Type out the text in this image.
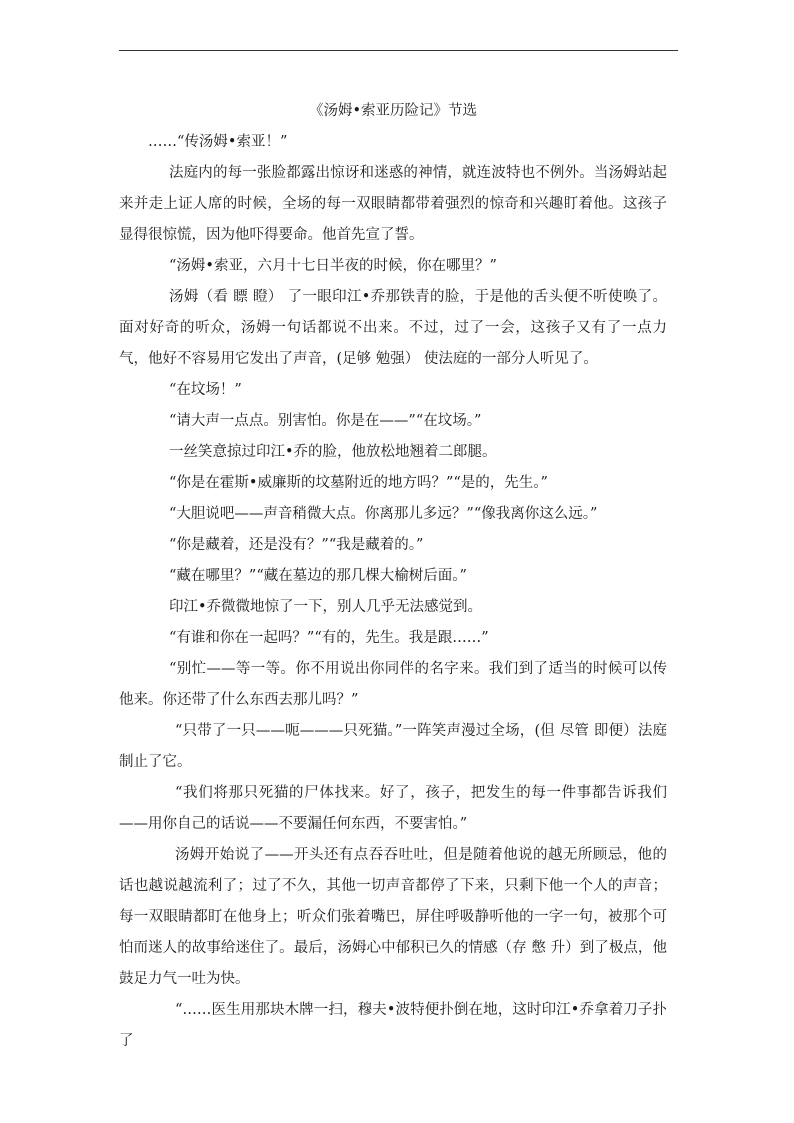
《汤姆•索亚历险记》节选

……“传汤姆•索亚！”

法庭内的每一张脸都露出惊讶和迷惑的神情，就连波特也不例外。当汤姆站起来并走上证人席的时候，全场的每一双眼睛都带着强烈的惊奇和兴趣盯着他。这孩子显得很惊慌，因为他吓得要命。他首先宣了誓。

“汤姆•索亚，六月十七日半夜的时候，你在哪里？”

汤姆（看 瞟 瞪） 了一眼印江•乔那铁青的脸，于是他的舌头便不听使唤了。面对好奇的听众，汤姆一句话都说不出来。不过，过了一会，这孩子又有了一点力气，他好不容易用它发出了声音，(足够 勉强） 使法庭的一部分人听见了。

“在坟场！”

“请大声一点点。别害怕。你是在——”“在坟场。”

一丝笑意掠过印江•乔的脸，他放松地翘着二郎腿。

“你是在霍斯•威廉斯的坟墓附近的地方吗？”“是的，先生。”

“大胆说吧——声音稍微大点。你离那儿多远？”“像我离你这么远。”

“你是藏着，还是没有？”“我是藏着的。”

“藏在哪里？”“藏在墓边的那几棵大榆树后面。”

印江•乔微微地惊了一下，别人几乎无法感觉到。

“有谁和你在一起吗？”“有的，先生。我是跟……”

“别忙——等一等。你不用说出你同伴的名字来。我们到了适当的时候可以传他来。你还带了什么东西去那儿吗？”

“只带了一只——呃———只死猫。”一阵笑声漫过全场，(但 尽管 即便）法庭制止了它。

“我们将那只死猫的尸体找来。好了，孩子，把发生的每一件事都告诉我们——用你自己的话说——不要漏任何东西，不要害怕。”

汤姆开始说了——开头还有点吞吞吐吐，但是随着他说的越无所顾忌，他的话也越说越流利了；过了不久，其他一切声音都停了下来，只剩下他一个人的声音；每一双眼睛都盯在他身上；听众们张着嘴巴，屏住呼吸静听他的一字一句，被那个可怕而迷人的故事给迷住了。最后，汤姆心中郁积已久的情感（存 憋 升）到了极点，他鼓足力气一吐为快。

“……医生用那块木牌一扫，穆夫•波特便扑倒在地，这时印江•乔拿着刀子扑了
